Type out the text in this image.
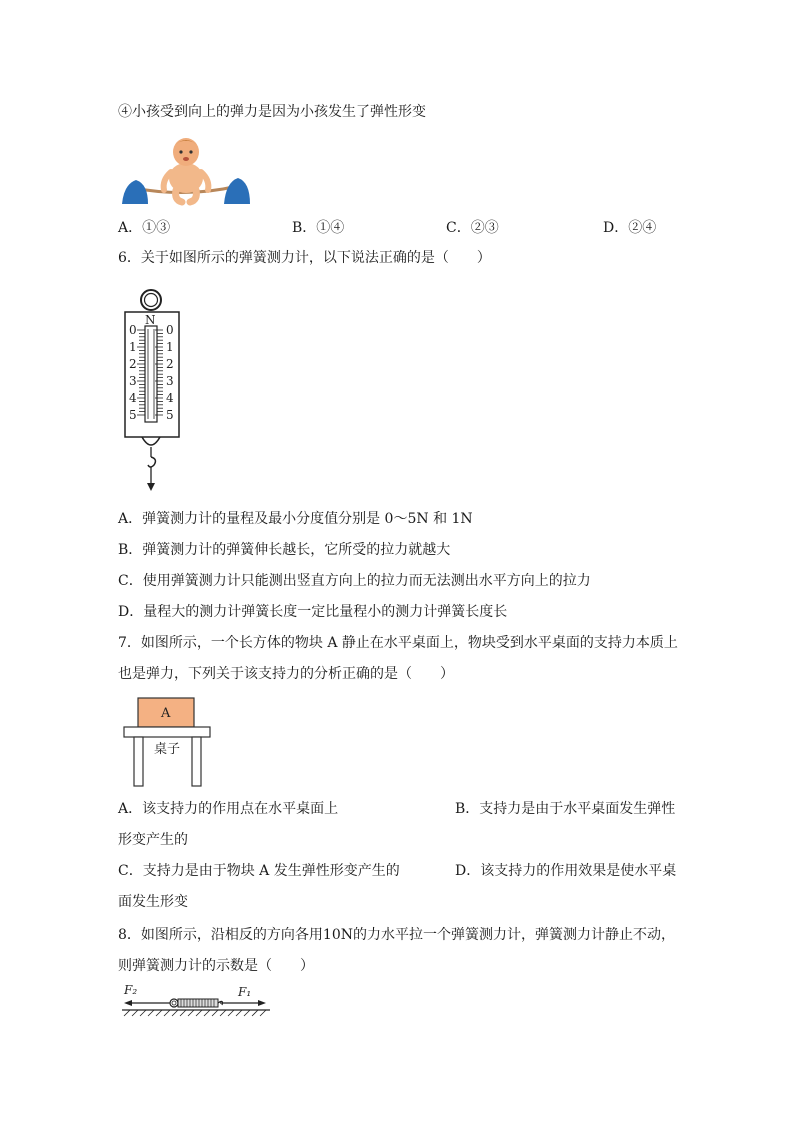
④小孩受到向上的弹力是因为小孩发生了弹性形变
A．①③	B．①④	C．②③	D．②④
6．关于如图所示的弹簧测力计，以下说法正确的是（　　）
N
0
1
2
3
4
5
0
1
2
3
4
5
A．弹簧测力计的量程及最小分度值分别是 0～5N 和 1N
B．弹簧测力计的弹簧伸长越长，它所受的拉力就越大
C．使用弹簧测力计只能测出竖直方向上的拉力而无法测出水平方向上的拉力
D．量程大的测力计弹簧长度一定比量程小的测力计弹簧长度长
7．如图所示，一个长方体的物块 A 静止在水平桌面上，物块受到水平桌面的支持力本质上
也是弹力，下列关于该支持力的分析正确的是（　　）
A
桌子
A．该支持力的作用点在水平桌面上	B．支持力是由于水平桌面发生弹性
形变产生的
C．支持力是由于物块 A 发生弹性形变产生的	D．该支持力的作用效果是使水平桌
面发生形变
8．如图所示，沿相反的方向各用10N的力水平拉一个弹簧测力计，弹簧测力计静止不动，
则弹簧测力计的示数是（　　）
F₂	F₁
